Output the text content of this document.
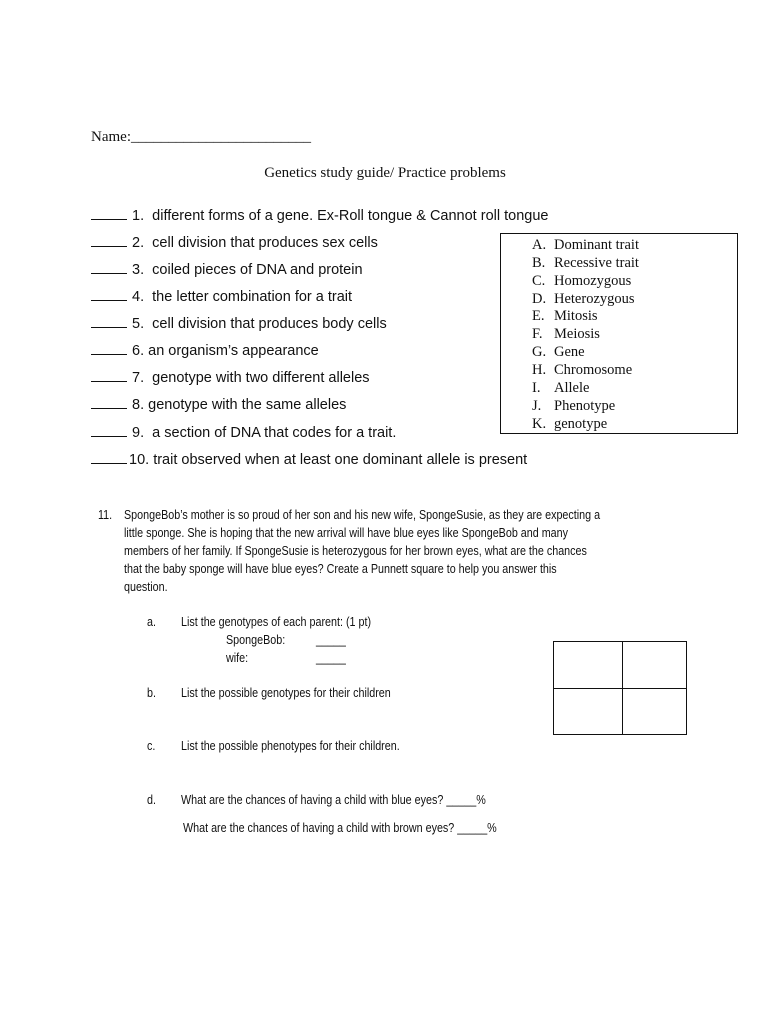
Name:________________________
Genetics study guide/ Practice problems
1. different forms of a gene. Ex-Roll tongue & Cannot roll tongue
2. cell division that produces sex cells
3. coiled pieces of DNA and protein
4. the letter combination for a trait
5. cell division that produces body cells
6. an organism’s appearance
7. genotype with two different alleles
8. genotype with the same alleles
9. a section of DNA that codes for a trait.
10. trait observed when at least one dominant allele is present
A. Dominant trait
B. Recessive trait
C. Homozygous
D. Heterozygous
E. Mitosis
F. Meiosis
G. Gene
H. Chromosome
I. Allele
J. Phenotype
K. genotype
11. SpongeBob’s mother is so proud of her son and his new wife, SpongeSusie, as they are expecting a
little sponge. She is hoping that the new arrival will have blue eyes like SpongeBob and many
members of her family. If SpongeSusie is heterozygous for her brown eyes, what are the chances
that the baby sponge will have blue eyes? Create a Punnett square to help you answer this
question.
a. List the genotypes of each parent: (1 pt)
SpongeBob: _____
wife:	_____
b. List the possible genotypes for their children
c. List the possible phenotypes for their children.
d. What are the chances of having a child with blue eyes? _____%
What are the chances of having a child with brown eyes? _____%
